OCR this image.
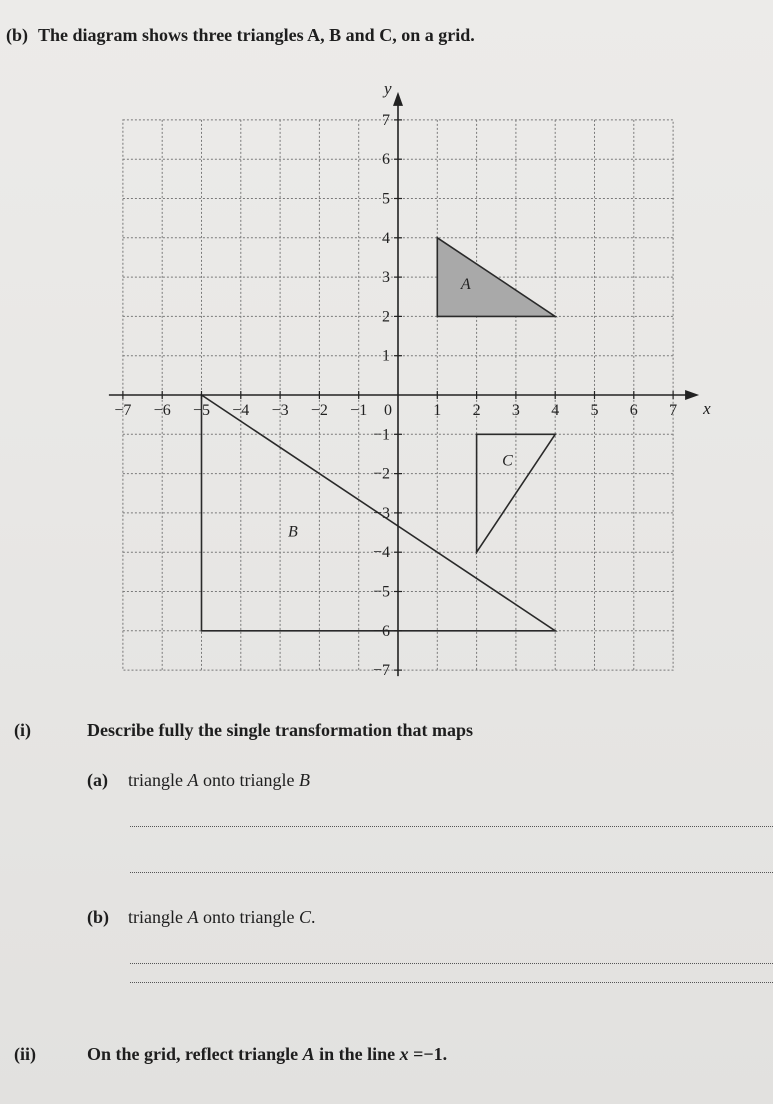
(b) The diagram shows three triangles A, B and C, on a grid.
A
B
C
−7 −6 −5 −4 −3 −2 −1 0	1 2 3 4 5 6 7
7
6
5
4
3
2
1
−1
−2
−3
−4
−5
−6
−7
x
y
(i)	Describe fully the single transformation that maps
(a) triangle A onto triangle B
(b) triangle A onto triangle C.
(ii)	On the grid, reflect triangle A in the line x =−1.
